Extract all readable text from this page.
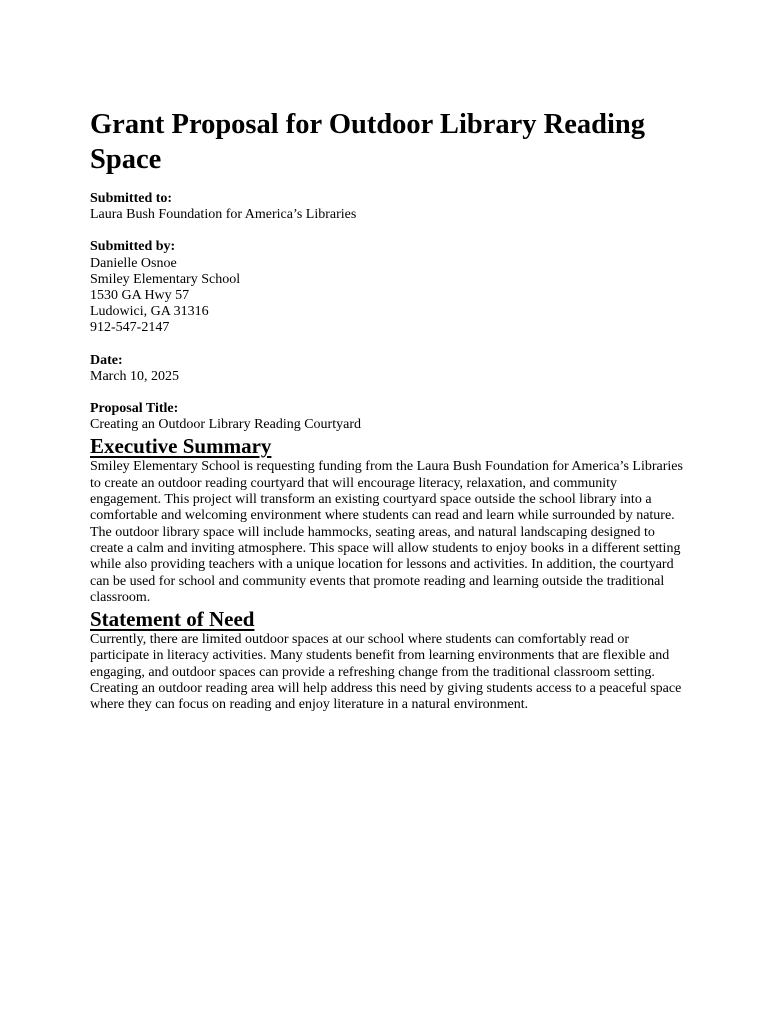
Grant Proposal for Outdoor Library Reading Space
Submitted to:
Laura Bush Foundation for America’s Libraries
Submitted by:
Danielle Osnoe
Smiley Elementary School
1530 GA Hwy 57
Ludowici, GA 31316
912-547-2147
Date:
March 10, 2025
Proposal Title:
Creating an Outdoor Library Reading Courtyard
Executive Summary

Smiley Elementary School is requesting funding from the Laura Bush Foundation for America’s Libraries to create an outdoor reading courtyard that will encourage literacy, relaxation, and community engagement. This project will transform an existing courtyard space outside the school library into a comfortable and welcoming environment where students can read and learn while surrounded by nature.

The outdoor library space will include hammocks, seating areas, and natural landscaping designed to create a calm and inviting atmosphere. This space will allow students to enjoy books in a different setting while also providing teachers with a unique location for lessons and activities. In addition, the courtyard can be used for school and community events that promote reading and learning outside the traditional classroom.

Statement of Need

Currently, there are limited outdoor spaces at our school where students can comfortably read or participate in literacy activities. Many students benefit from learning environments that are flexible and engaging, and outdoor spaces can provide a refreshing change from the traditional classroom setting.

Creating an outdoor reading area will help address this need by giving students access to a peaceful space where they can focus on reading and enjoy literature in a natural environment.
